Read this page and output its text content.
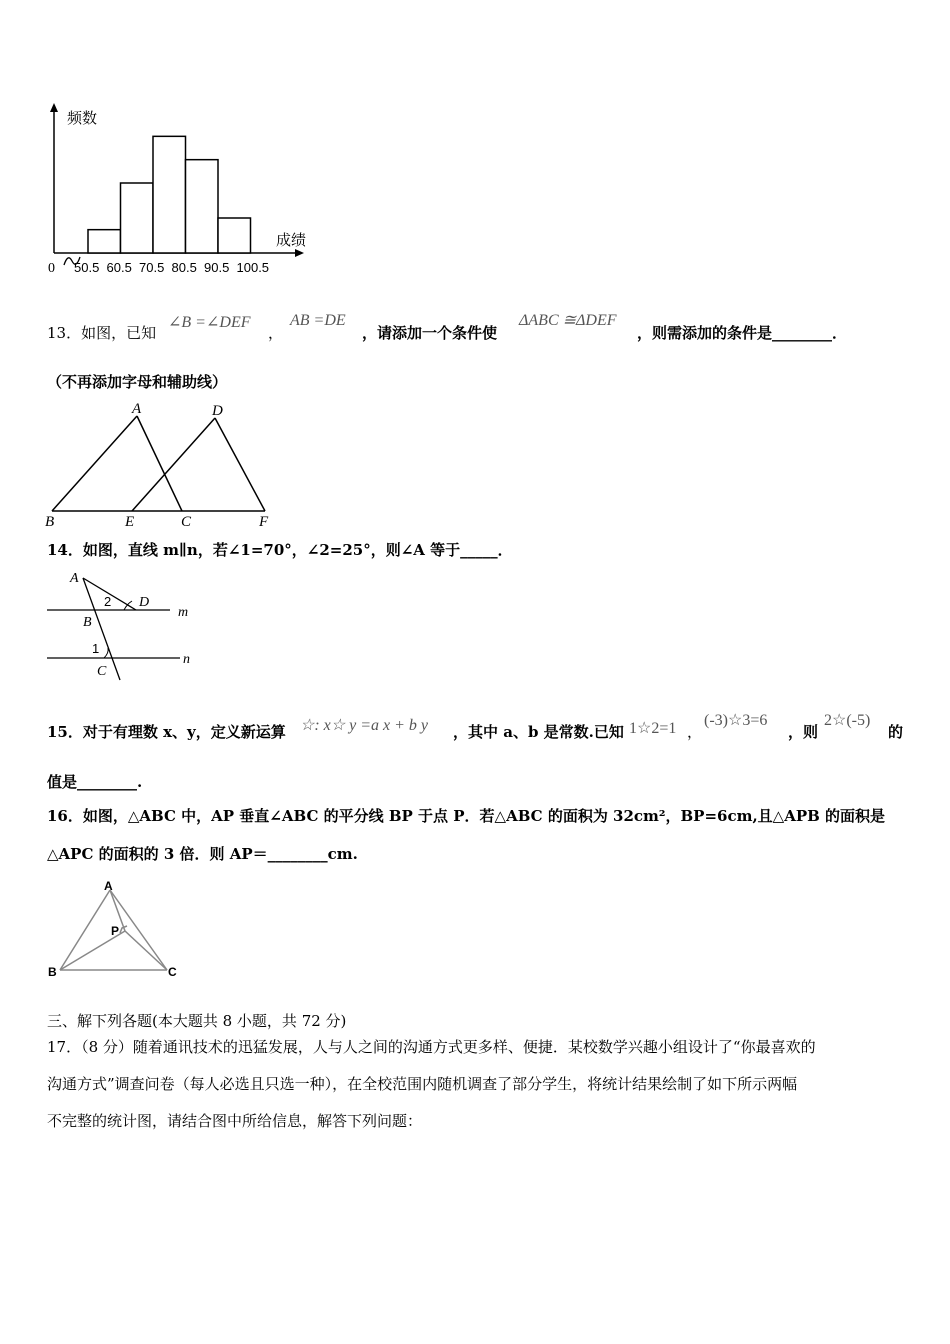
频数
成绩
0 50.5 60.5 70.5 80.5 90.5 100.5
13．如图，已知
∠B =∠DEF
，
AB =DE
，请添加一个条件使
ΔABC ≅ΔDEF
，则需添加的条件是________．
（不再添加字母和辅助线）
A	D
B	E	C	F
14．如图，直线 m∥n，若∠1=70°，∠2=25°，则∠A 等于_____．
A
D
m
B
n
C
2
1
15．对于有理数 x、y，定义新运算 ☆: x☆ y =a x + b y ，其中 a、b 是常数.已知 1☆2=1 ，
(-3)☆3=6
，则
2☆(-5)
的
值是________.
16．如图，△ABC 中，AP 垂直∠ABC 的平分线 BP 于点 P．若△ABC 的面积为 32cm²，BP=6cm,且△APB 的面积是
△APC 的面积的 3 倍．则 AP＝________cm.
A
P
B	C
三、解下列各题(本大题共 8 小题，共 72 分)
17．（8 分）随着通讯技术的迅猛发展，人与人之间的沟通方式更多样、便捷．某校数学兴趣小组设计了“你最喜欢的
沟通方式”调查问卷（每人必选且只选一种），在全校范围内随机调查了部分学生，将统计结果绘制了如下所示两幅
不完整的统计图，请结合图中所给信息，解答下列问题：
